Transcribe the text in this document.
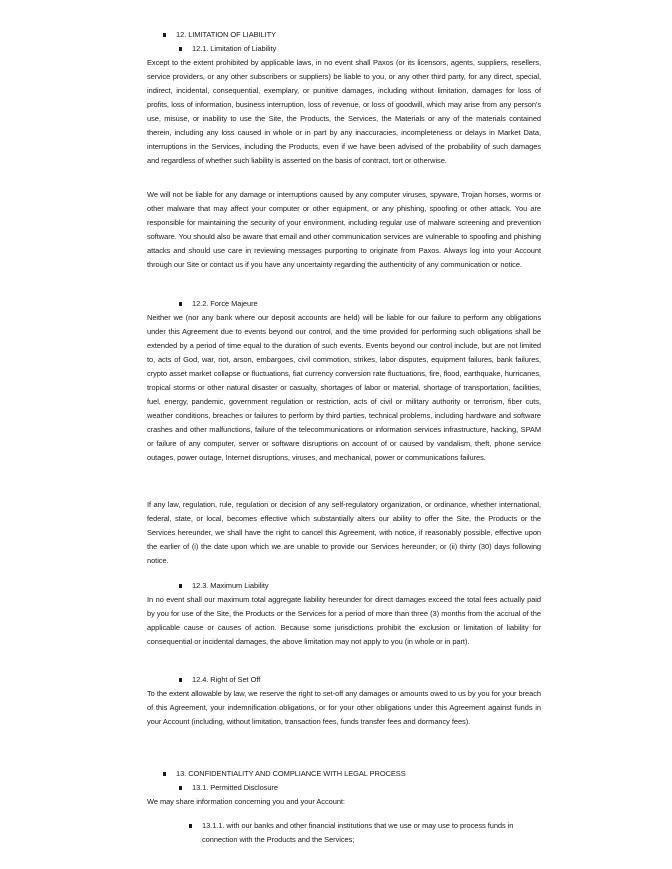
12. LIMITATION OF LIABILITY

12.1. Limitation of Liability

Except to the extent prohibited by applicable laws, in no event shall Paxos (or its licensors, agents, suppliers, resellers, service providers, or any other subscribers or suppliers) be liable to you, or any other third party, for any direct, special, indirect, incidental, consequential, exemplary, or punitive damages, including without limitation, damages for loss of profits, loss of information, business interruption, loss of revenue, or loss of goodwill, which may arise from any person's use, misuse, or inability to use the Site, the Products, the Services, the Materials or any of the materials contained therein, including any loss caused in whole or in part by any inaccuracies, incompleteness or delays in Market Data, interruptions in the Services, including the Products, even if we have been advised of the probability of such damages and regardless of whether such liability is asserted on the basis of contract, tort or otherwise.

We will not be liable for any damage or interruptions caused by any computer viruses, spyware, Trojan horses, worms or other malware that may affect your computer or other equipment, or any phishing, spoofing or other attack. You are responsible for maintaining the security of your environment, including regular use of malware screening and prevention software. You should also be aware that email and other communication services are vulnerable to spoofing and phishing attacks and should use care in reviewing messages purporting to originate from Paxos. Always log into your Account through our Site or contact us if you have any uncertainty regarding the authenticity of any communication or notice.

12.2. Force Majeure

Neither we (nor any bank where our deposit accounts are held) will be liable for our failure to perform any obligations under this Agreement due to events beyond our control, and the time provided for performing such obligations shall be extended by a period of time equal to the duration of such events. Events beyond our control include, but are not limited to, acts of God, war, riot, arson, embargoes, civil commotion, strikes, labor disputes, equipment failures, bank failures, crypto asset market collapse or fluctuations, fiat currency conversion rate fluctuations, fire, flood, earthquake, hurricanes, tropical storms or other natural disaster or casualty, shortages of labor or material, shortage of transportation, facilities, fuel, energy, pandemic, government regulation or restriction, acts of civil or military authority or terrorism, fiber cuts, weather conditions, breaches or failures to perform by third parties, technical problems, including hardware and software crashes and other malfunctions, failure of the telecommunications or information services infrastructure, hacking, SPAM or failure of any computer, server or software disruptions on account of or caused by vandalism, theft, phone service outages, power outage, Internet disruptions, viruses, and mechanical, power or communications failures.

If any law, regulation, rule, regulation or decision of any self-regulatory organization, or ordinance, whether international, federal, state, or local, becomes effective which substantially alters our ability to offer the Site, the Products or the Services hereunder, we shall have the right to cancel this Agreement, with notice, if reasonably possible, effective upon the earlier of (i) the date upon which we are unable to provide our Services hereunder; or (ii) thirty (30) days following notice.

12.3. Maximum Liability

In no event shall our maximum total aggregate liability hereunder for direct damages exceed the total fees actually paid by you for use of the Site, the Products or the Services for a period of more than three (3) months from the accrual of the applicable cause or causes of action. Because some jurisdictions prohibit the exclusion or limitation of liability for consequential or incidental damages, the above limitation may not apply to you (in whole or in part).

12.4. Right of Set Off

To the extent allowable by law, we reserve the right to set-off any damages or amounts owed to us by you for your breach of this Agreement, your indemnification obligations, or for your other obligations under this Agreement against funds in your Account (including, without limitation, transaction fees, funds transfer fees and dormancy fees).

13. CONFIDENTIALITY AND COMPLIANCE WITH LEGAL PROCESS

13.1. Permitted Disclosure

We may share information concerning you and your Account:

13.1.1. with our banks and other financial institutions that we use or may use to process funds in connection with the Products and the Services;
